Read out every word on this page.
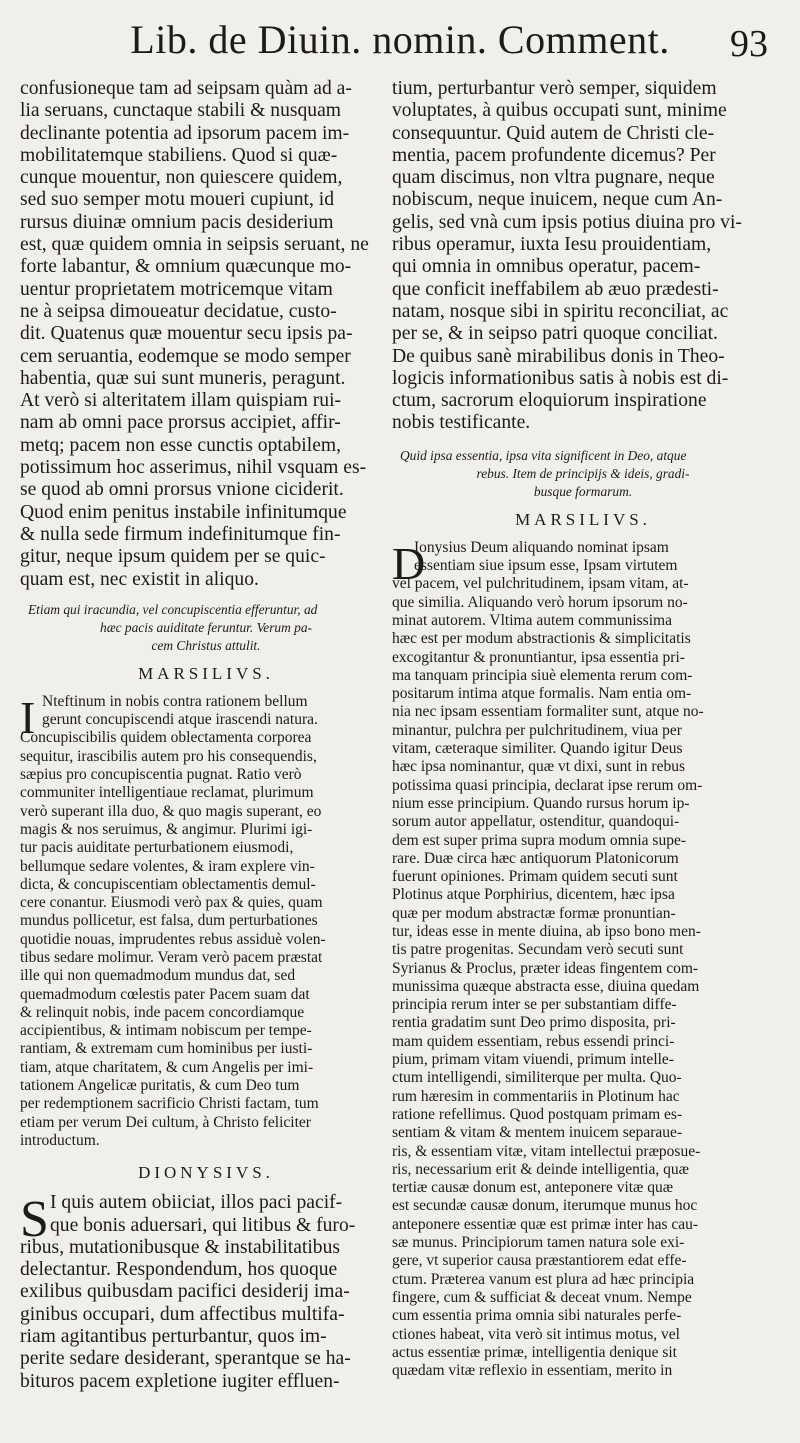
Lib. de Diuin. nomin. Comment.	93
confusioneque tam ad seipsam quàm ad a-
lia seruans, cunctaque stabili & nusquam
declinante potentia ad ipsorum pacem im-
mobilitatemque stabiliens. Quod si quæ-
cunque mouentur, non quiescere quidem,
sed suo semper motu moueri cupiunt, id
rursus diuinæ omnium pacis desiderium
est, quæ quidem omnia in seipsis seruant, ne
forte labantur, & omnium quæcunque mo-
uentur proprietatem motricemque vitam
ne à seipsa dimoueatur decidatue, custo-
dit. Quatenus quæ mouentur secu ipsis pa-
cem seruantia, eodemque se modo semper
habentia, quæ sui sunt muneris, peragunt.
At verò si alteritatem illam quispiam rui-
nam ab omni pace prorsus accipiet, affir-
metq; pacem non esse cunctis optabilem,
potissimum hoc asserimus, nihil vsquam es-
se quod ab omni prorsus vnione ciciderit.
Quod enim penitus instabile infinitumque
& nulla sede firmum indefinitumque fin-
gitur, neque ipsum quidem per se quic-
quam est, nec existit in aliquo.
Etiam qui iracundia, vel concupiscentia efferuntur, ad
hæc pacis auiditate feruntur. Verum pa-
cem Christus attulit.
MARSILIVS.
I Nteftinum in nobis contra rationem bellum
gerunt concupiscendi atque irascendi natura.
Concupiscibilis quidem oblectamenta corporea
sequitur, irascibilis autem pro his consequendis,
sæpius pro concupiscentia pugnat. Ratio verò
communiter intelligentiaue reclamat, plurimum
verò superant illa duo, & quo magis superant, eo
magis & nos seruimus, & angimur. Plurimi igi-
tur pacis auiditate perturbationem eiusmodi,
bellumque sedare volentes, & iram explere vin-
dicta, & concupiscentiam oblectamentis demul-
cere conantur. Eiusmodi verò pax & quies, quam
mundus pollicetur, est falsa, dum perturbationes
quotidie nouas, imprudentes rebus assiduè volen-
tibus sedare molimur. Veram verò pacem præstat
ille qui non quemadmodum mundus dat, sed
quemadmodum cœlestis pater Pacem suam dat
& relinquit nobis, inde pacem concordiamque
accipientibus, & intimam nobiscum per tempe-
rantiam, & extremam cum hominibus per iusti-
tiam, atque charitatem, & cum Angelis per imi-
tationem Angelicæ puritatis, & cum Deo tum
per redemptionem sacrificio Christi factam, tum
etiam per verum Dei cultum, à Christo feliciter
introductum.
DIONYSIVS.
S I quis autem obiiciat, illos paci pacif-
que bonis aduersari, qui litibus & furo-
ribus, mutationibusque & instabilitatibus
delectantur. Respondendum, hos quoque
exilibus quibusdam pacifici desiderij ima-
ginibus occupari, dum affectibus multifa-
riam agitantibus perturbantur, quos im-
perite sedare desiderant, sperantque se ha-
bituros pacem expletione iugiter effluen-
tium, perturbantur verò semper, siquidem
voluptates, à quibus occupati sunt, minime
consequuntur. Quid autem de Christi cle-
mentia, pacem profundente dicemus? Per
quam discimus, non vltra pugnare, neque
nobiscum, neque inuicem, neque cum An-
gelis, sed vnà cum ipsis potius diuina pro vi-
ribus operamur, iuxta Iesu prouidentiam,
qui omnia in omnibus operatur, pacem-
que conficit ineffabilem ab æuo prædesti-
natam, nosque sibi in spiritu reconciliat, ac
per se, & in seipso patri quoque conciliat.
De quibus sanè mirabilibus donis in Theo-
logicis informationibus satis à nobis est di-
ctum, sacrorum eloquiorum inspiratione
nobis testificante.
Quid ipsa essentia, ipsa vita significent in Deo, atque
rebus. Item de principijs & ideis, gradi-
busque formarum.
MARSILIVS.
D
Ionysius Deum aliquando nominat ipsam
essentiam siue ipsum esse, Ipsam virtutem
vel pacem, vel pulchritudinem, ipsam vitam, at-
que similia. Aliquando verò horum ipsorum no-
minat autorem. Vltima autem communissima
hæc est per modum abstractionis & simplicitatis
excogitantur & pronuntiantur, ipsa essentia pri-
ma tanquam principia siuè elementa rerum com-
positarum intima atque formalis. Nam entia om-
nia nec ipsam essentiam formaliter sunt, atque no-
minantur, pulchra per pulchritudinem, viua per
vitam, cæteraque similiter. Quando igitur Deus
hæc ipsa nominantur, quæ vt dixi, sunt in rebus
potissima quasi principia, declarat ipse rerum om-
nium esse principium. Quando rursus horum ip-
sorum autor appellatur, ostenditur, quandoqui-
dem est super prima supra modum omnia supe-
rare. Duæ circa hæc antiquorum Platonicorum
fuerunt opiniones. Primam quidem secuti sunt
Plotinus atque Porphirius, dicentem, hæc ipsa
quæ per modum abstractæ formæ pronuntian-
tur, ideas esse in mente diuina, ab ipso bono men-
tis patre progenitas. Secundam verò secuti sunt
Syrianus & Proclus, præter ideas fingentem com-
munissima quæque abstracta esse, diuina quedam
principia rerum inter se per substantiam diffe-
rentia gradatim sunt Deo primo disposita, pri-
mam quidem essentiam, rebus essendi princi-
pium, primam vitam viuendi, primum intelle-
ctum intelligendi, similiterque per multa. Quo-
rum hæresim in commentariis in Plotinum hac
ratione refellimus. Quod postquam primam es-
sentiam & vitam & mentem inuicem separaue-
ris, & essentiam vitæ, vitam intellectui præposue-
ris, necessarium erit & deinde intelligentia, quæ
tertiæ causæ donum est, anteponere vitæ quæ
est secundæ causæ donum, iterumque munus hoc
anteponere essentiæ quæ est primæ inter has cau-
sæ munus. Principiorum tamen natura sole exi-
gere, vt superior causa præstantiorem edat effe-
ctum. Præterea vanum est plura ad hæc principia
fingere, cum & sufficiat & deceat vnum. Nempe
cum essentia prima omnia sibi naturales perfe-
ctiones habeat, vita verò sit intimus motus, vel
actus essentiæ primæ, intelligentia denique sit
quædam vitæ reflexio in essentiam, merito in
